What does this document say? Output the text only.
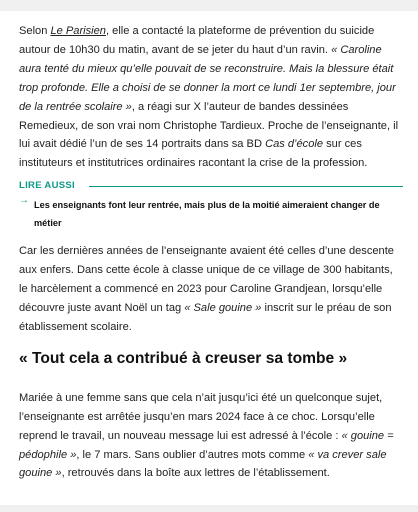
Selon Le Parisien, elle a contacté la plateforme de prévention du suicide autour de 10h30 du matin, avant de se jeter du haut d’un ravin. « Caroline aura tenté du mieux qu’elle pouvait de se reconstruire. Mais la blessure était trop profonde. Elle a choisi de se donner la mort ce lundi 1er septembre, jour de la rentrée scolaire », a réagi sur X l’auteur de bandes dessinées Remedieux, de son vrai nom Christophe Tardieux. Proche de l’enseignante, il lui avait dédié l’un de ses 14 portraits dans sa BD Cas d’école sur ces instituteurs et institutrices ordinaires racontant la crise de la profession.

LIRE AUSSI
→ Les enseignants font leur rentrée, mais plus de la moitié aimeraient changer de métier

Car les dernières années de l’enseignante avaient été celles d’une descente aux enfers. Dans cette école à classe unique de ce village de 300 habitants, le harcèlement a commencé en 2023 pour Caroline Grandjean, lorsqu’elle découvre juste avant Noël un tag « Sale gouine » inscrit sur le préau de son établissement scolaire.

« Tout cela a contribué à creuser sa tombe »

Mariée à une femme sans que cela n’ait jusqu’ici été un quelconque sujet, l’enseignante est arrêtée jusqu’en mars 2024 face à ce choc. Lorsqu’elle reprend le travail, un nouveau message lui est adressé à l’école : « gouine = pédophile », le 7 mars. Sans oublier d’autres mots comme « va crever sale gouine », retrouvés dans la boîte aux lettres de l’établissement.
